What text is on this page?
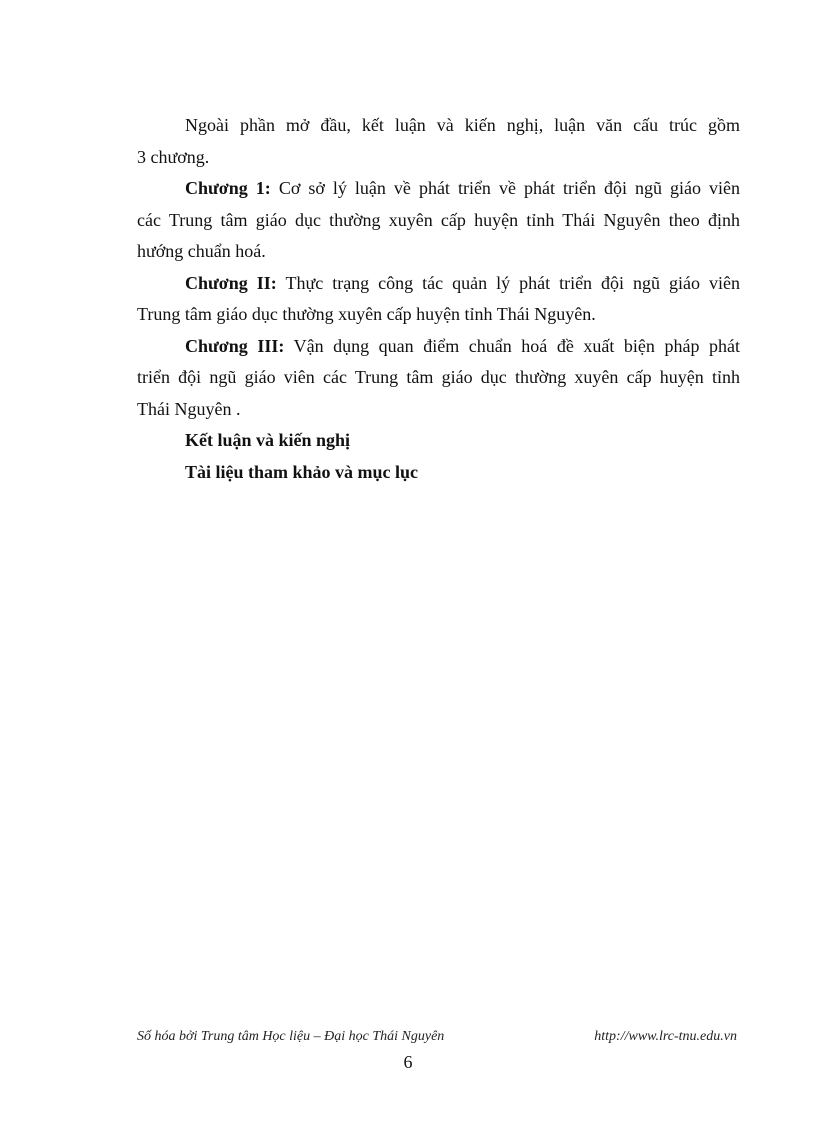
Ngoài phần mở đầu, kết luận và kiến nghị, luận văn cấu trúc gồm

3 chương.

Chương 1: Cơ sở lý luận về phát triển về phát triển đội ngũ giáo viên

các Trung tâm giáo dục thường xuyên cấp huyện tỉnh Thái Nguyên theo định

hướng chuẩn hoá.

Chương II: Thực trạng công tác quản lý phát triển đội ngũ giáo viên

Trung tâm giáo dục thường xuyên cấp huyện tỉnh Thái Nguyên.

Chương III: Vận dụng quan điểm chuẩn hoá đề xuất biện pháp phát

triển đội ngũ giáo viên các Trung tâm giáo dục thường xuyên cấp huyện tỉnh

Thái Nguyên .

Kết luận và kiến nghị

Tài liệu tham khảo và mục lục

Số hóa bởi Trung tâm Học liệu – Đại học Thái Nguyên	http://www.lrc-tnu.edu.vn
6
